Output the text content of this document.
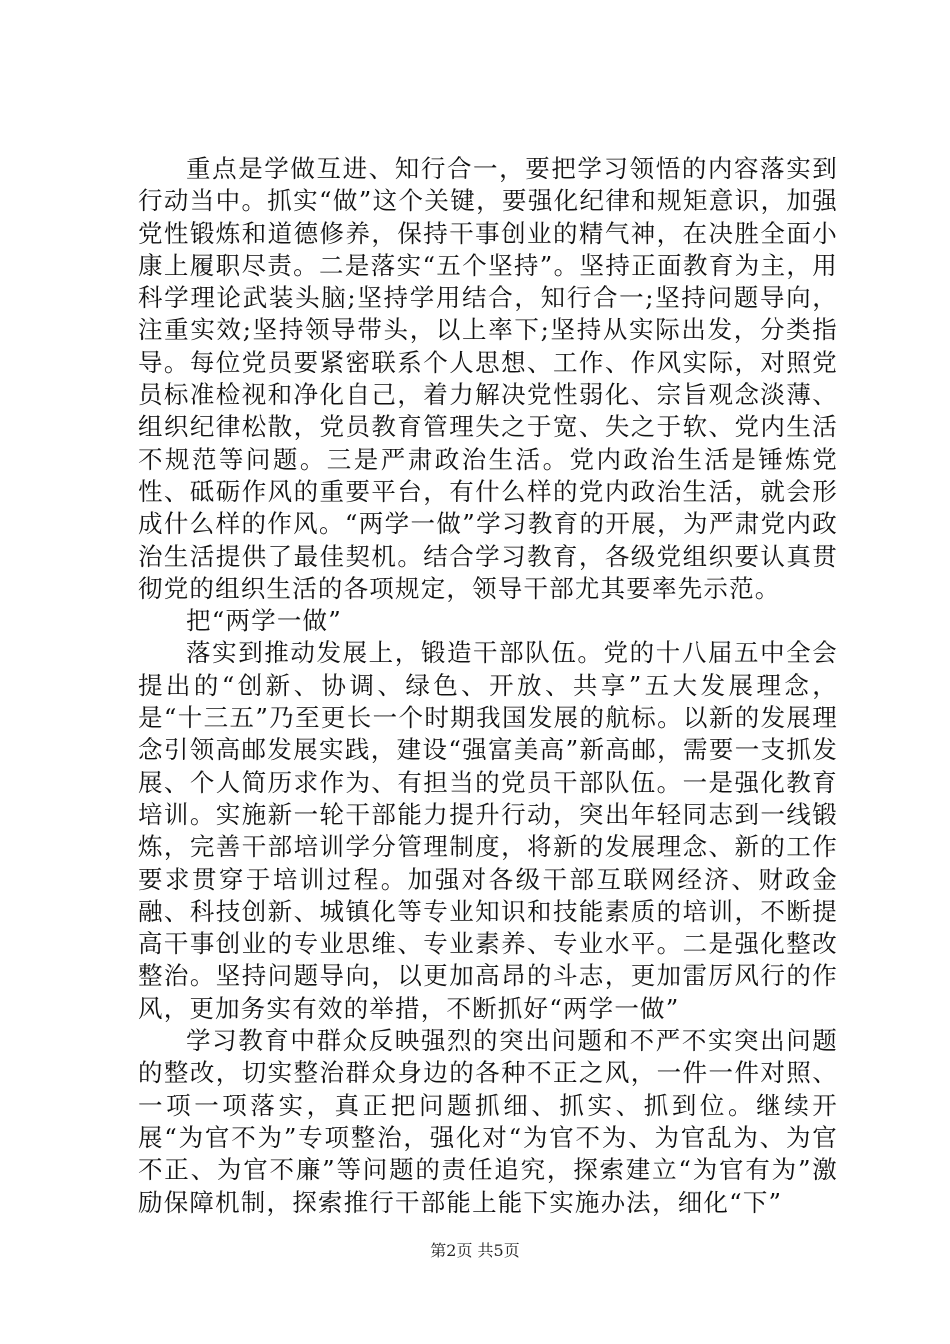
重点是学做互进、知行合一，要把学习领悟的内容落实到行动当中。抓实“做”这个关键，要强化纪律和规矩意识，加强党性锻炼和道德修养，保持干事创业的精气神，在决胜全面小康上履职尽责。二是落实“五个坚持”。坚持正面教育为主，用科学理论武装头脑;坚持学用结合，知行合一;坚持问题导向，注重实效;坚持领导带头，以上率下;坚持从实际出发，分类指导。每位党员要紧密联系个人思想、工作、作风实际，对照党员标准检视和净化自己，着力解决党性弱化、宗旨观念淡薄、组织纪律松散，党员教育管理失之于宽、失之于软、党内生活不规范等问题。三是严肃政治生活。党内政治生活是锤炼党性、砥砺作风的重要平台，有什么样的党内政治生活，就会形成什么样的作风。“两学一做”学习教育的开展，为严肃党内政治生活提供了最佳契机。结合学习教育，各级党组织要认真贯彻党的组织生活的各项规定，领导干部尤其要率先示范。

把“两学一做”

落实到推动发展上，锻造干部队伍。党的十八届五中全会提出的“创新、协调、绿色、开放、共享”五大发展理念，是“十三五”乃至更长一个时期我国发展的航标。以新的发展理念引领高邮发展实践，建设“强富美高”新高邮，需要一支抓发展、个人简历求作为、有担当的党员干部队伍。一是强化教育培训。实施新一轮干部能力提升行动，突出年轻同志到一线锻炼，完善干部培训学分管理制度，将新的发展理念、新的工作要求贯穿于培训过程。加强对各级干部互联网经济、财政金融、科技创新、城镇化等专业知识和技能素质的培训，不断提高干事创业的专业思维、专业素养、专业水平。二是强化整改整治。坚持问题导向，以更加高昂的斗志，更加雷厉风行的作风，更加务实有效的举措，不断抓好“两学一做”

学习教育中群众反映强烈的突出问题和不严不实突出问题的整改，切实整治群众身边的各种不正之风，一件一件对照、一项一项落实，真正把问题抓细、抓实、抓到位。继续开展“为官不为”专项整治，强化对“为官不为、为官乱为、为官不正、为官不廉”等问题的责任追究，探索建立“为官有为”激励保障机制，探索推行干部能上能下实施办法，细化“下”

第2页 共5页
